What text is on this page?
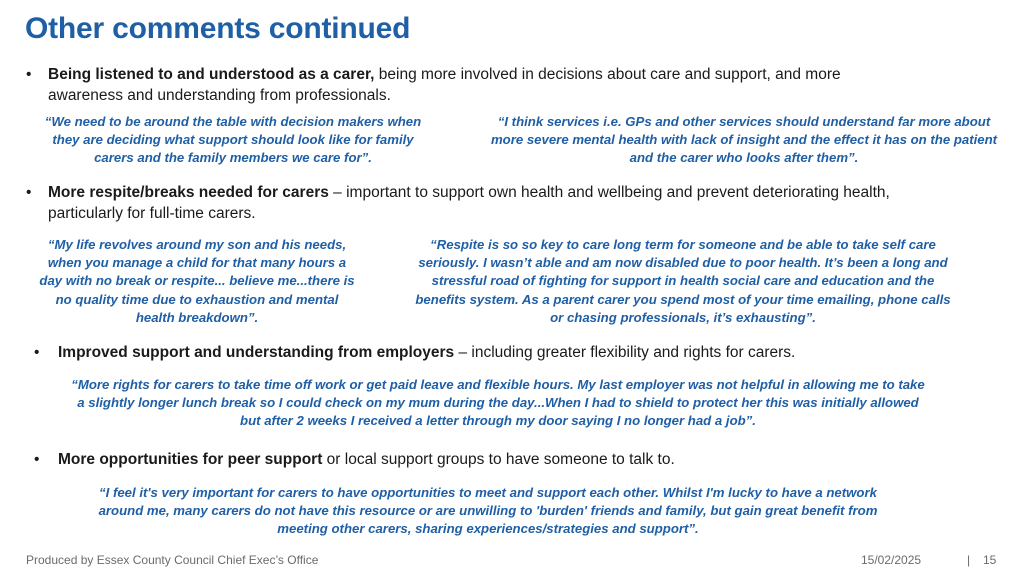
Other comments continued
•	Being listened to and understood as a carer, being more involved in decisions about care and support, and more awareness and understanding from professionals.
“We need to be around the table with decision makers when they are deciding what support should look like for family carers and the family members we care for”.
“I think services i.e. GPs and other services should understand far more about more severe mental health with lack of insight and the effect it has on the patient and the carer who looks after them”.
•	More respite/breaks needed for carers – important to support own health and wellbeing and prevent deteriorating health, particularly for full-time carers.
“My life revolves around my son and his needs, when you manage a child for that many hours a day with no break or respite... believe me...there is no quality time due to exhaustion and mental health breakdown”.
“Respite is so so key to care long term for someone and be able to take self care seriously. I wasn’t able and am now disabled due to poor health. It’s been a long and stressful road of fighting for support in health social care and education and the benefits system. As a parent carer you spend most of your time emailing, phone calls or chasing professionals, it’s exhausting”.
•	Improved support and understanding from employers – including greater flexibility and rights for carers.
“More rights for carers to take time off work or get paid leave and flexible hours. My last employer was not helpful in allowing me to take a slightly longer lunch break so I could check on my mum during the day...When I had to shield to protect her this was initially allowed but after 2 weeks I received a letter through my door saying I no longer had a job”.
•	More opportunities for peer support or local support groups to have someone to talk to.
“I feel it's very important for carers to have opportunities to meet and support each other. Whilst I'm lucky to have a network around me, many carers do not have this resource or are unwilling to 'burden' friends and family, but gain great benefit from meeting other carers, sharing experiences/strategies and support”.
Produced by Essex County Council Chief Exec’s Office	15/02/2025	| 15
